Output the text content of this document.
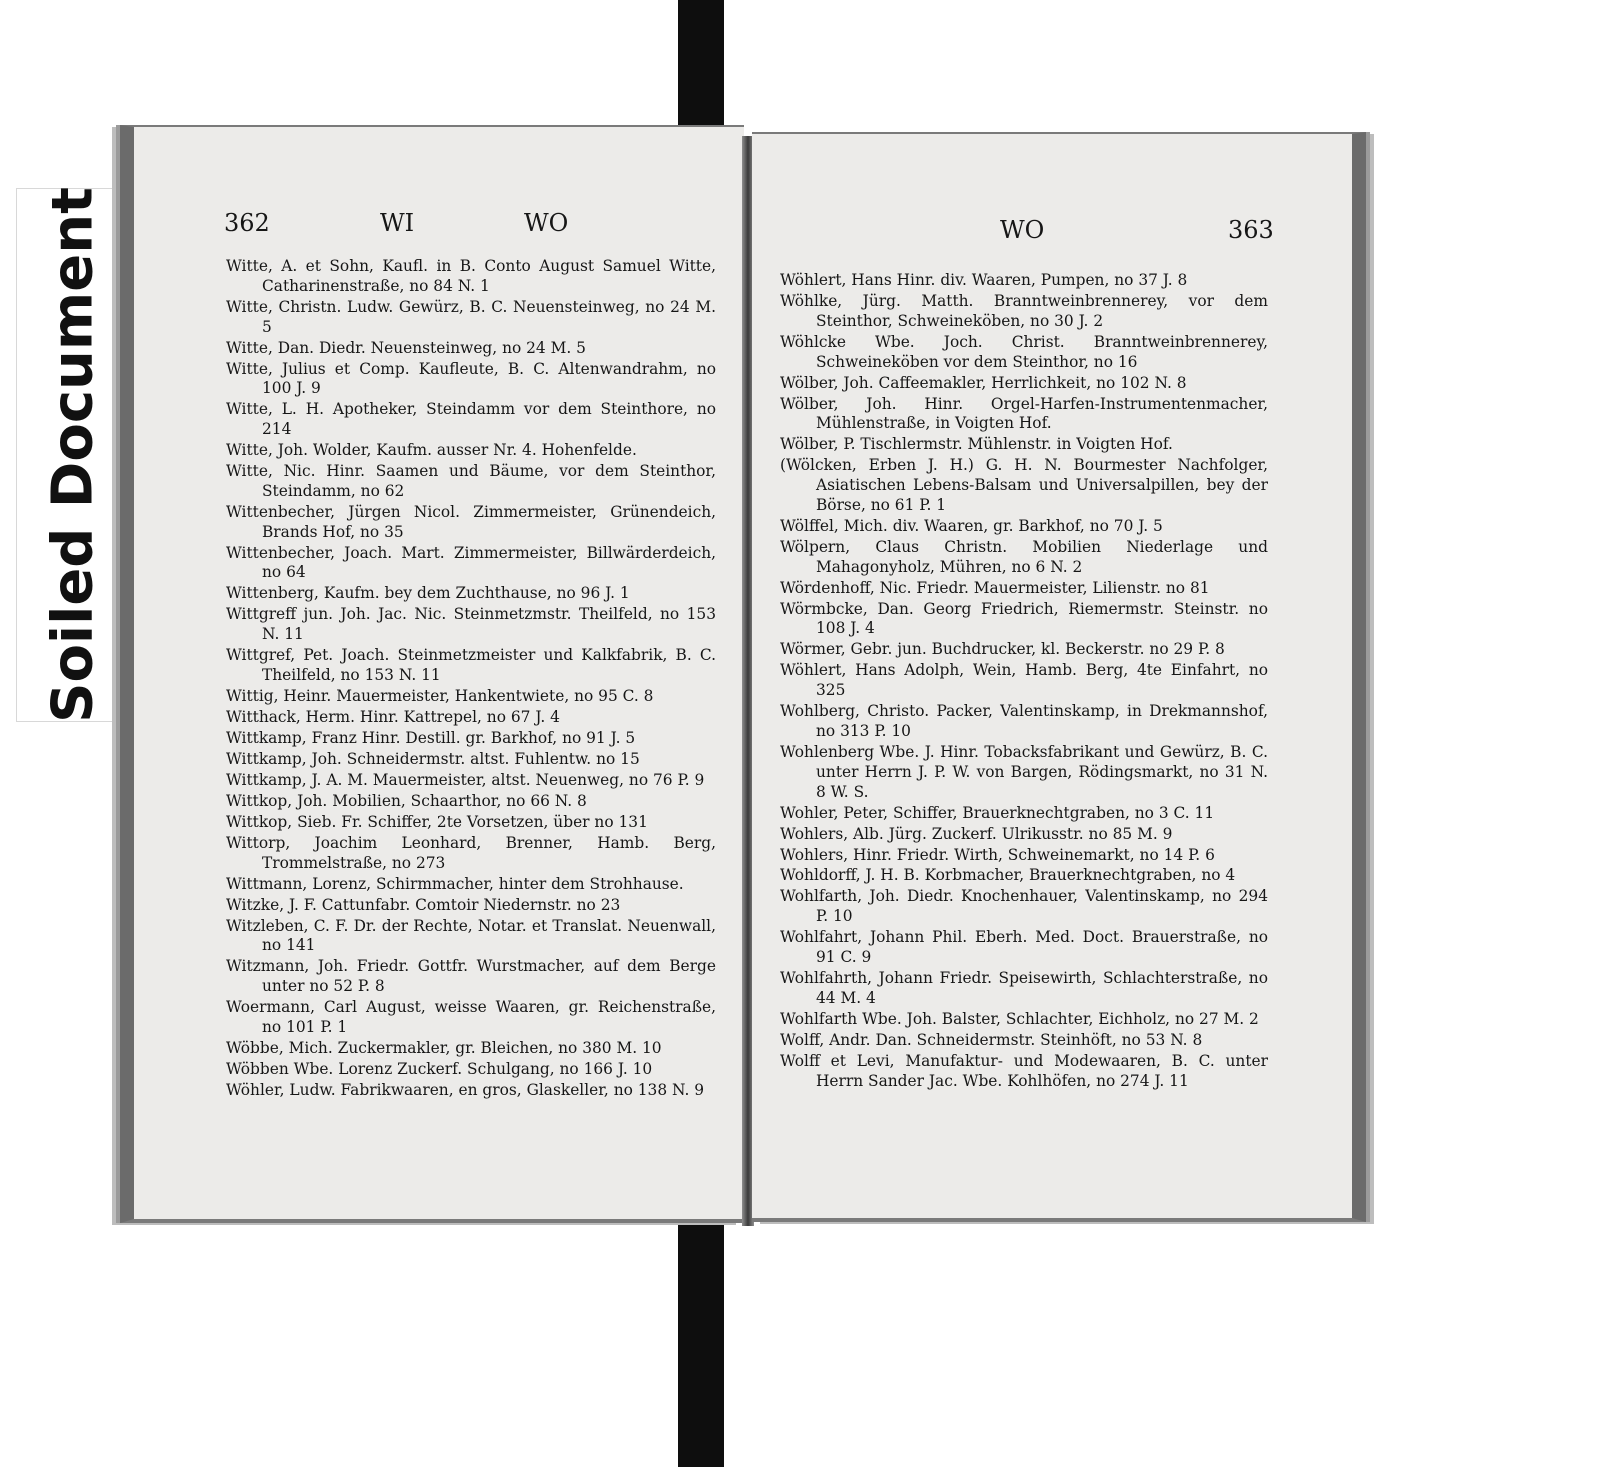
Soiled Document	362	WI	WO
Witte, A. et Sohn, Kaufl. in B. Conto August Samuel Witte, Catharinenstraße, no 84 N. 1
Witte, Christn. Ludw. Gewürz, B. C. Neuensteinweg, no 24 M. 5
Witte, Dan. Diedr. Neuensteinweg, no 24 M. 5
Witte, Julius et Comp. Kaufleute, B. C. Altenwandrahm, no 100 J. 9
Witte, L. H. Apotheker, Steindamm vor dem Steinthore, no 214
Witte, Joh. Wolder, Kaufm. ausser Nr. 4. Hohenfelde.
Witte, Nic. Hinr. Saamen und Bäume, vor dem Steinthor, Steindamm, no 62
Wittenbecher, Jürgen Nicol. Zimmermeister, Grünendeich, Brands Hof, no 35
Wittenbecher, Joach. Mart. Zimmermeister, Billwärderdeich, no 64
Wittenberg, Kaufm. bey dem Zuchthause, no 96 J. 1
Wittgreff jun. Joh. Jac. Nic. Steinmetzmstr. Theilfeld, no 153 N. 11
Wittgref, Pet. Joach. Steinmetzmeister und Kalkfabrik, B. C. Theilfeld, no 153 N. 11
Wittig, Heinr. Mauermeister, Hankentwiete, no 95 C. 8
Witthack, Herm. Hinr. Kattrepel, no 67 J. 4
Wittkamp, Franz Hinr. Destill. gr. Barkhof, no 91 J. 5
Wittkamp, Joh. Schneidermstr. altst. Fuhlentw. no 15
Wittkamp, J. A. M. Mauermeister, altst. Neuenweg, no 76 P. 9
Wittkop, Joh. Mobilien, Schaarthor, no 66 N. 8
Wittkop, Sieb. Fr. Schiffer, 2te Vorsetzen, über no 131
Wittorp, Joachim Leonhard, Brenner, Hamb. Berg, Trommelstraße, no 273
Wittmann, Lorenz, Schirmmacher, hinter dem Strohhause.
Witzke, J. F. Cattunfabr. Comtoir Niedernstr. no 23
Witzleben, C. F. Dr. der Rechte, Notar. et Translat. Neuenwall, no 141
Witzmann, Joh. Friedr. Gottfr. Wurstmacher, auf dem Berge unter no 52 P. 8
Woermann, Carl August, weisse Waaren, gr. Reichenstraße, no 101 P. 1
Wöbbe, Mich. Zuckermakler, gr. Bleichen, no 380 M. 10
Wöbben Wbe. Lorenz Zuckerf. Schulgang, no 166 J. 10
Wöhler, Ludw. Fabrikwaaren, en gros, Glaskeller, no 138 N. 9
WO	363
Wöhlert, Hans Hinr. div. Waaren, Pumpen, no 37 J. 8
Wöhlke, Jürg. Matth. Branntweinbrennerey, vor dem Steinthor, Schweineköben, no 30 J. 2
Wöhlcke Wbe. Joch. Christ. Branntweinbrennerey, Schweineköben vor dem Steinthor, no 16
Wölber, Joh. Caffeemakler, Herrlichkeit, no 102 N. 8
Wölber, Joh. Hinr. Orgel-Harfen-Instrumentenmacher, Mühlenstraße, in Voigten Hof.
Wölber, P. Tischlermstr. Mühlenstr. in Voigten Hof.
(Wölcken, Erben J. H.) G. H. N. Bourmester Nachfolger, Asiatischen Lebens-Balsam und Universalpillen, bey der Börse, no 61 P. 1
Wölffel, Mich. div. Waaren, gr. Barkhof, no 70 J. 5
Wölpern, Claus Christn. Mobilien Niederlage und Mahagonyholz, Mühren, no 6 N. 2
Wördenhoff, Nic. Friedr. Mauermeister, Lilienstr. no 81
Wörmbcke, Dan. Georg Friedrich, Riemermstr. Steinstr. no 108 J. 4
Wörmer, Gebr. jun. Buchdrucker, kl. Beckerstr. no 29 P. 8
Wöhlert, Hans Adolph, Wein, Hamb. Berg, 4te Einfahrt, no 325
Wohlberg, Christo. Packer, Valentinskamp, in Drekmannshof, no 313 P. 10
Wohlenberg Wbe. J. Hinr. Tobacksfabrikant und Gewürz, B. C. unter Herrn J. P. W. von Bargen, Rödingsmarkt, no 31 N. 8 W. S.
Wohler, Peter, Schiffer, Brauerknechtgraben, no 3 C. 11
Wohlers, Alb. Jürg. Zuckerf. Ulrikusstr. no 85 M. 9
Wohlers, Hinr. Friedr. Wirth, Schweinemarkt, no 14 P. 6
Wohldorff, J. H. B. Korbmacher, Brauerknechtgraben, no 4
Wohlfarth, Joh. Diedr. Knochenhauer, Valentinskamp, no 294 P. 10
Wohlfahrt, Johann Phil. Eberh. Med. Doct. Brauerstraße, no 91 C. 9
Wohlfahrth, Johann Friedr. Speisewirth, Schlachterstraße, no 44 M. 4
Wohlfarth Wbe. Joh. Balster, Schlachter, Eichholz, no 27 M. 2
Wolff, Andr. Dan. Schneidermstr. Steinhöft, no 53 N. 8
Wolff et Levi, Manufaktur- und Modewaaren, B. C. unter Herrn Sander Jac. Wbe. Kohlhöfen, no 274 J. 11
